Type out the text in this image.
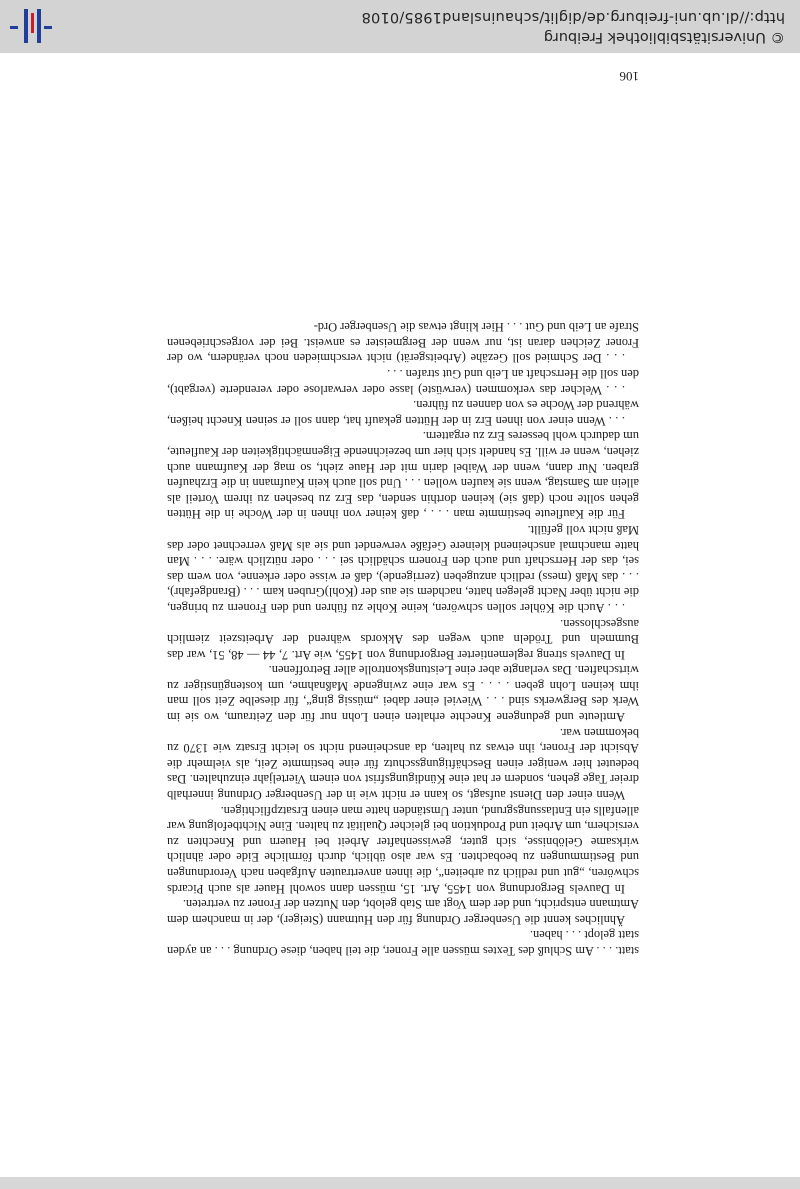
statt. . . . Am Schluß des Textes müssen alle Froner, die teil haben, diese Ordnung . . . an ayden statt gelopt . . . haben.

Ähnliches kennt die Usenberger Ordnung für den Hutmann (Steiger), der in manchem dem Amtmann entspricht, und der dem Vogt am Stab gelobt, den Nutzen der Froner zu vertreten.

In Dauvels Bergordnung von 1455, Art. 15, müssen dann sowohl Hauer als auch Picards schwören, „gut und redlich zu arbeiten“, die ihnen anvertrauten Aufgaben nach Verordnungen und Bestimmungen zu beobachten. Es war also üblich, durch förmliche Eide oder ähnlich wirksame Gelöbnisse, sich guter, gewissenhafter Arbeit bei Hauern und Knechten zu versichern, um Arbeit und Produktion bei gleicher Qualität zu halten. Eine Nichtbefolgung war allenfalls ein Entlassungsgrund, unter Umständen hatte man einen Ersatzpflichtigen.

Wenn einer den Dienst aufsagt, so kann er nicht wie in der Usenberger Ordnung innerhalb dreier Tage gehen, sondern er hat eine Kündigungsfrist von einem Vierteljahr einzuhalten. Das bedeutet hier weniger einen Beschäftigungsschutz für eine bestimmte Zeit, als vielmehr die Absicht der Froner, ihn etwas zu halten, da anscheinend nicht so leicht Ersatz wie 1370 zu bekommen war.

Amtleute und gedungene Knechte erhalten einen Lohn nur für den Zeitraum, wo sie im Werk des Bergwerks sind . . . Wieviel einer dabei „müssig ging“, für dieselbe Zeit soll man ihm keinen Lohn geben . . . . Es war eine zwingende Maßnahme, um kostengünstiger zu wirtschaften. Das verlangte aber eine Leistungskontrolle aller Betroffenen.

In Dauvels streng reglementierter Bergordnung von 1455, wie Art. 7, 44 — 48, 51, war das Bummeln und Trödeln auch wegen des Akkords während der Arbeitszeit ziemlich ausgeschlossen.

. . . Auch die Köhler sollen schwören, keine Kohle zu führen und den Fronern zu bringen, die nicht über Nacht gelegen hatte, nachdem sie aus der (Kohl)Gruben kam . . . (Brandgefahr), . . . das Maß (mess) redlich anzugeben (zerrigende), daß er wisse oder erkenne, von wem das sei, das der Herrschaft und auch den Fronern schädlich sei . . . oder nützlich wäre. . . . Man hatte manchmal anscheinend kleinere Gefäße verwendet und sie als Maß verrechnet oder das Maß nicht voll gefüllt.

Für die Kaufleute bestimmte man . . . , daß keiner von ihnen in der Woche in die Hütten gehen sollte noch (daß sie) keinen dorthin senden, das Erz zu besehen zu ihrem Vorteil als allein am Samstag, wenn sie kaufen wollen . . . Und soll auch kein Kaufmann in die Erzhaufen graben. Nur dann, wenn der Waibel darin mit der Haue zieht, so mag der Kaufmann auch ziehen, wenn er will. Es handelt sich hier um bezeichnende Eigenmächtigkeiten der Kaufleute, um dadurch wohl besseres Erz zu ergattern.

. . . Wenn einer von ihnen Erz in der Hütten gekauft hat, dann soll er seinen Knecht heißen, während der Woche es von dannen zu führen.

. . . Welcher das verkommen (verwüste) lasse oder verwarlose oder verenderte (vergabt), den soll die Herrschaft an Leib und Gut strafen . . .

. . . Der Schmied soll Gezähe (Arbeitsgerät) nicht verschmieden noch verändern, wo der Froner Zeichen daran ist, nur wenn der Bergmeister es anweist. Bei der vorgeschriebenen Strafe an Leib und Gut . . . Hier klingt etwas die Usenberger Ord-

106
© Universitätsbibliothek Freiburg
http://dl.ub.uni-freiburg.de/diglit/schauinsland1985/0108
